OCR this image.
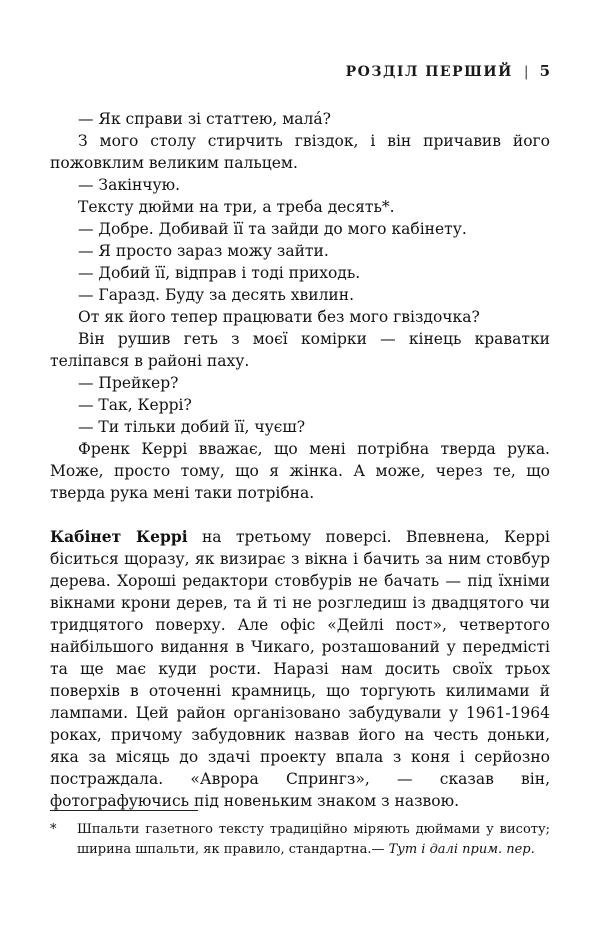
РОЗДІЛ ПЕРШИЙ | 5

— Як справи зі статтею, мала́?

З мого столу стирчить гвіздок, і він причавив його пожовклим великим пальцем.

— Закінчую.

Тексту дюйми на три, а треба десять*.

— Добре. Добивай її та зайди до мого кабінету.

— Я просто зараз можу зайти.

— Добий її, відправ і тоді приходь.

— Гаразд. Буду за десять хвилин.

От як його тепер працювати без мого гвіздочка?

Він рушив геть з моєї комірки — кінець краватки теліпався в районі паху.

— Прейкер?

— Так, Керрі?

— Ти тільки добий її, чуєш?

Френк Керрі вважає, що мені потрібна тверда рука. Може, просто тому, що я жінка. А може, через те, що тверда рука мені таки потрібна.

Кабінет Керрі на третьому поверсі. Впевнена, Керрі біситься щоразу, як визирає з вікна і бачить за ним стовбур дерева. Хороші редактори стовбурів не бачать — під їхніми вікнами крони дерев, та й ті не розгледиш із двадцятого чи тридцятого поверху. Але офіс «Дейлі пост», четвертого найбільшого видання в Чикаго, розташований у передмісті та ще має куди рости. Наразі нам досить своїх трьох поверхів в оточенні крамниць, що торгують килимами й лампами. Цей район організовано забудували у 1961-1964 роках, причому забудовник назвав його на честь доньки, яка за місяць до здачі проекту впала з коня і серйозно постраждала. «Аврора Спрингз», — сказав він, фотографуючись під новеньким знаком з назвою.

* Шпальти газетного тексту традиційно міряють дюймами у висоту; ширина шпальти, як правило, стандартна.— Тут і далі прим. пер.
